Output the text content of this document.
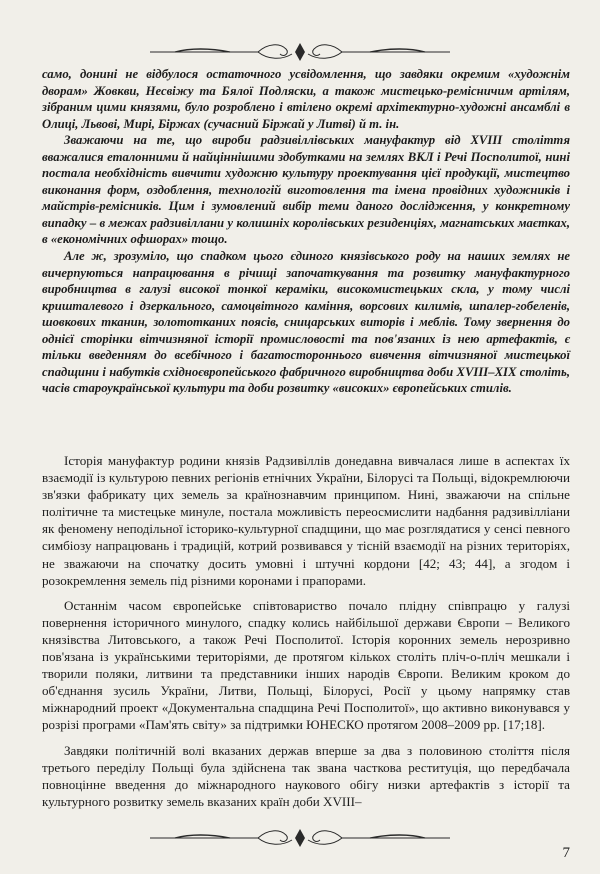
само, донині не відбулося остаточного усвідомлення, що завдяки окремим «художнім дворам» Жовкви, Несвіжу та Бялої Подляски, а також мистецько-ремісничим артілям, зібраним цими князями, було розроблено і втілено окремі архітектурно-художні ансамблі в Олиці, Львові, Мирі, Біржах (сучасний Біржай у Литві) й т. ін.

Зважаючи на те, що вироби радзивіллівських мануфактур від XVIII століття вважалися еталонними й найціннішими здобутками на землях ВКЛ і Речі Посполитої, нині постала необхідність вивчити художню культуру проектування цієї продукції, мистецтво виконання форм, оздоблення, технологій виготовлення та імена провідних художників і майстрів-ремісників. Цим і зумовлений вибір теми даного дослідження, у конкретному випадку – в межах радзивіллани у колишніх королівських резиденціях, магнатських маєтках, в «економічних офшорах» тощо.

Але ж, зрозуміло, що спадком цього єдиного князівського роду на наших землях не вичерпуються напрацювання в річищі започаткування та розвитку мануфактурного виробництва в галузі високої тонкої кераміки, високомистецьких скла, у тому числі кришталевого і дзеркального, самоцвітного каміння, ворсових килимів, шпалер-гобеленів, шовкових тканин, золототканих поясів, сницарських виторів і меблів. Тому звернення до однієї сторінки вітчизняної історії промисловості та пов'язаних із нею артефактів, є тільки введенням до всебічного і багатостороннього вивчення вітчизняної мистецької спадщини і набутків східноєвропейського фабричного виробництва доби XVIII–XIX століть, часів староукраїнської культури та доби розвитку «високих» європейських стилів.

Історія мануфактур родини князів Радзивіллів донедавна вивчалася лише в аспектах їх взаємодії із культурою певних регіонів етнічних України, Білорусі та Польщі, відокремлюючи зв'язки фабрикату цих земель за країнознавчим принципом. Нині, зважаючи на спільне політичне та мистецьке минуле, постала можливість переосмислити надбання радзивілліани як феномену неподільної історико-культурної спадщини, що має розглядатися у сенсі певного симбіозу напрацювань і традицій, котрий розвивався у тісній взаємодії на різних територіях, не зважаючи на спочатку досить умовні і штучні кордони [42; 43; 44], а згодом і розокремлення земель під різними коронами і прапорами.

Останнім часом європейське співтовариство почало плідну співпрацю у галузі повернення історичного минулого, спадку колись найбільшої держави Європи – Великого князівства Литовського, а також Речі Посполитої. Історія коронних земель нерозривно пов'язана із українськими територіями, де протягом кількох століть пліч-о-пліч мешкали і творили поляки, литвини та представники інших народів Європи. Великим кроком до об'єднання зусиль України, Литви, Польщі, Білорусі, Росії у цьому напрямку став міжнародний проект «Документальна спадщина Речі Посполитої», що активно виконувався у розрізі програми «Пам'ять світу» за підтримки ЮНЕСКО протягом 2008–2009 рр. [17;18].

Завдяки політичній волі вказаних держав вперше за два з половиною століття після третього переділу Польщі була здійснена так звана часткова реституція, що передбачала повноцінне введення до міжнародного наукового обігу низки артефактів з історії та культурного розвитку земель вказаних країн доби XVIII–

7
